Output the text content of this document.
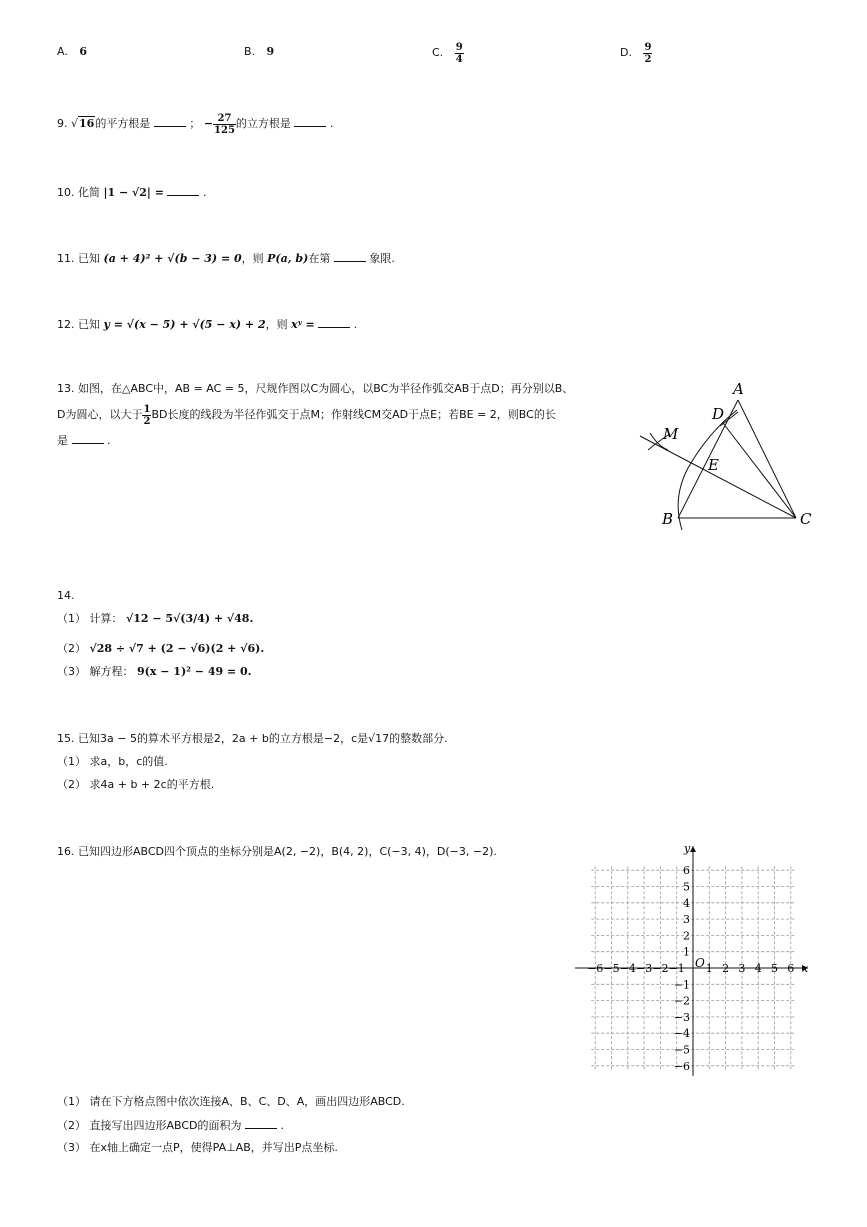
A. 6	B. 9	C. $\frac{9}{4}$	D. $\frac{9}{2}$
9. √16的平方根是	； − $\frac{27}{125}$ 的立方根是	.
10. 化简 |1 − √2| =	.
11. 已知 (a + 4)² + √(b − 3) = 0，则 P(a, b)在第	象限.
12. 已知 y = √(x − 5) + √(5 − x) + 2，则 xʸ =	.
13. 如图，在△ABC中，AB = AC = 5，尺规作图以C为圆心，以BC为半径作弧交AB于点D；再分别以B、
D为圆心，以大于 $\frac{1}{2}$ BD长度的线段为半径作弧交于点M；作射线CM交AD于点E；若BE = 2，则BC的长
是	.
A
B	C
D
E
M
14.
（1） 计算： √12 − 5√(3/4) + √48.
（2） √28 ÷ √7 + (2 − √6)(2 + √6).
（3） 解方程： 9(x − 1)² − 49 = 0.
15. 已知3a − 5的算术平方根是2，2a + b的立方根是−2，c是√17的整数部分.
（1） 求a，b，c的值.
（2） 求4a + b + 2c的平方根.
16. 已知四边形ABCD四个顶点的坐标分别是A(2, −2)，B(4, 2)，C(−3, 4)，D(−3, −2).
x
y
O
−6 −5 −4 −3 −2 −1 1 2 3 4 5 6
6
5
4
3
2
1
−1
−2
−3
−4
−5
−6
（1） 请在下方格点图中依次连接A、B、C、D、A，画出四边形ABCD.
（2） 直接写出四边形ABCD的面积为	.
（3） 在x轴上确定一点P，使得PA⊥AB，并写出P点坐标.
